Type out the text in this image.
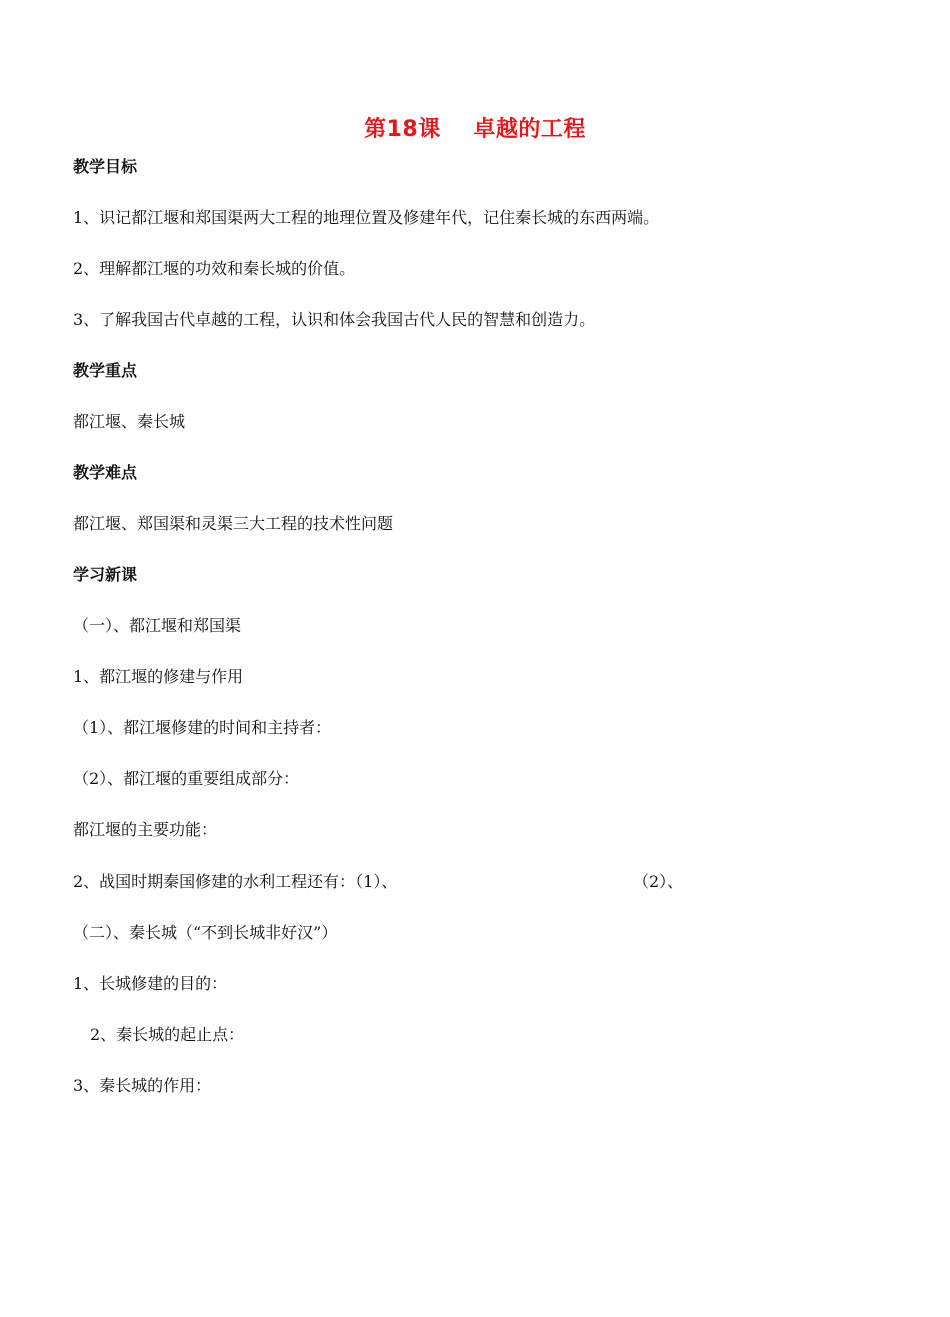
第18课    卓越的工程
教学目标
1、识记都江堰和郑国渠两大工程的地理位置及修建年代，记住秦长城的东西两端。
2、理解都江堰的功效和秦长城的价值。
3、了解我国古代卓越的工程，认识和体会我国古代人民的智慧和创造力。
教学重点
都江堰、秦长城
教学难点
都江堰、郑国渠和灵渠三大工程的技术性问题
学习新课
（一）、都江堰和郑国渠
1、都江堰的修建与作用
（1）、都江堰修建的时间和主持者：
（2）、都江堰的重要组成部分：
都江堰的主要功能：
2、战国时期秦国修建的水利工程还有：（1）、	（2）、
（二）、秦长城（“不到长城非好汉”）
1、长城修建的目的：
2、秦长城的起止点：
3、秦长城的作用：
